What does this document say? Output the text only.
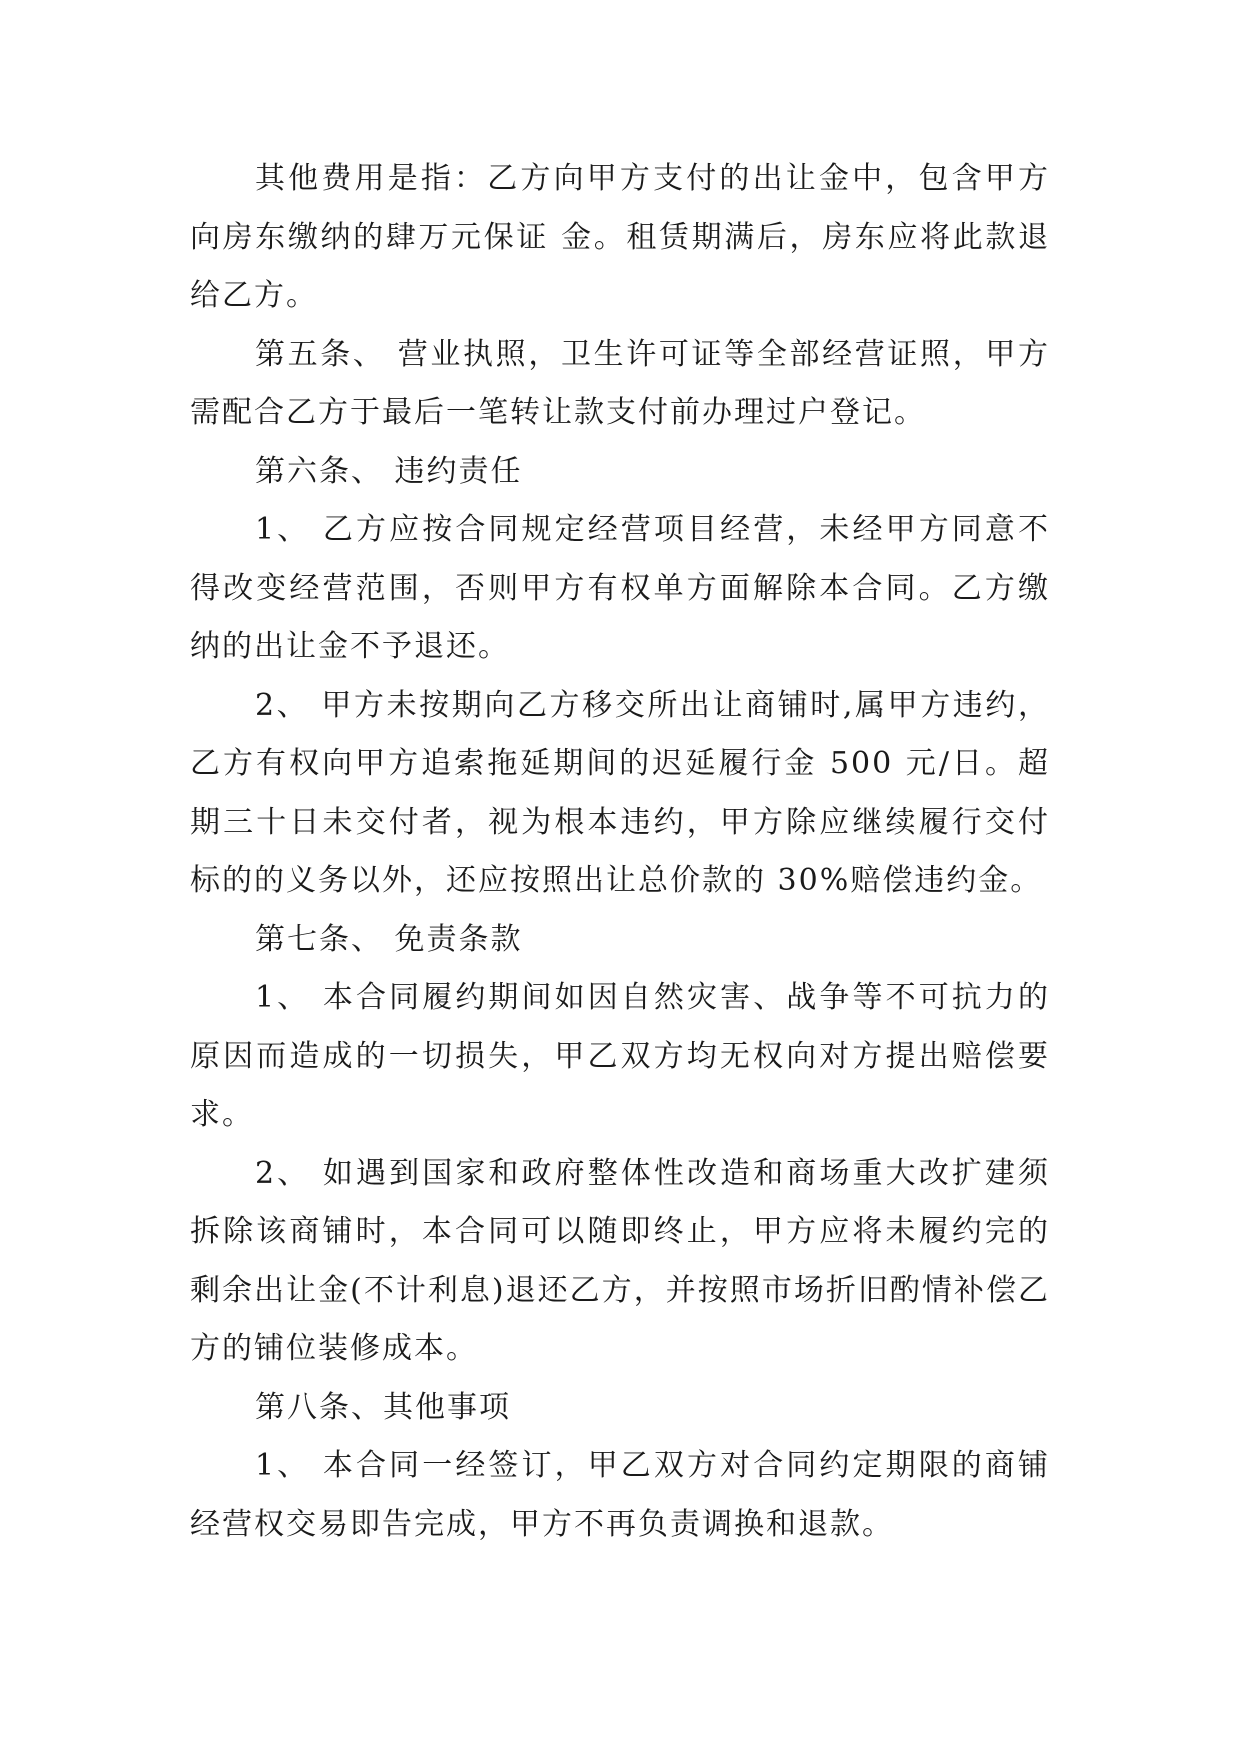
其他费用是指：乙方向甲方支付的出让金中，包含甲方向房东缴纳的肆万元保证 金。租赁期满后，房东应将此款退给乙方。

第五条、 营业执照，卫生许可证等全部经营证照，甲方需配合乙方于最后一笔转让款支付前办理过户登记。

第六条、 违约责任

1、 乙方应按合同规定经营项目经营，未经甲方同意不得改变经营范围，否则甲方有权单方面解除本合同。乙方缴纳的出让金不予退还。

2、 甲方未按期向乙方移交所出让商铺时,属甲方违约，乙方有权向甲方追索拖延期间的迟延履行金 500 元/日。超期三十日未交付者，视为根本违约，甲方除应继续履行交付标的的义务以外，还应按照出让总价款的 30%赔偿违约金。

第七条、 免责条款

1、 本合同履约期间如因自然灾害、战争等不可抗力的原因而造成的一切损失，甲乙双方均无权向对方提出赔偿要求。

2、 如遇到国家和政府整体性改造和商场重大改扩建须拆除该商铺时，本合同可以随即终止，甲方应将未履约完的剩余出让金(不计利息)退还乙方，并按照市场折旧酌情补偿乙方的铺位装修成本。

第八条、其他事项

1、 本合同一经签订，甲乙双方对合同约定期限的商铺经营权交易即告完成，甲方不再负责调换和退款。
